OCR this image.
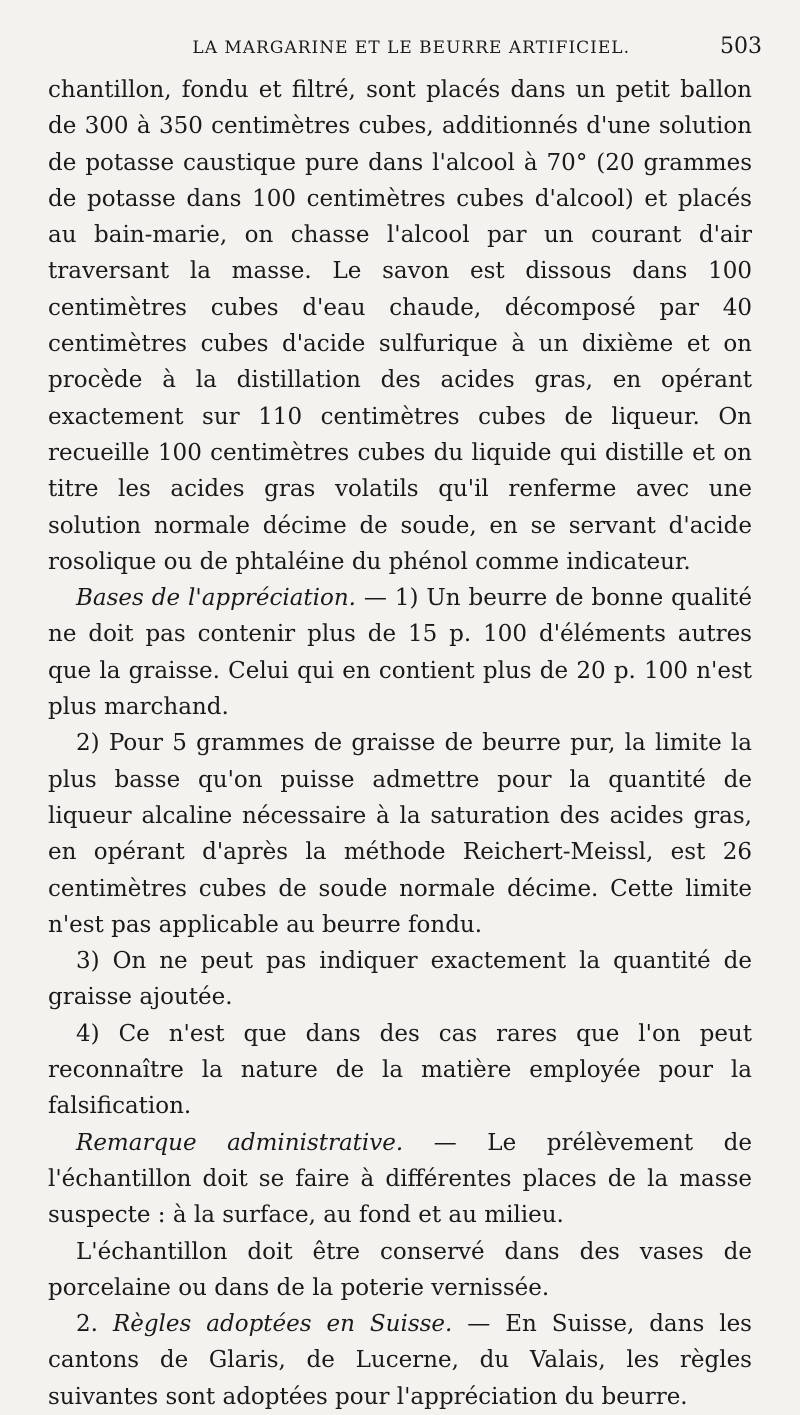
LA MARGARINE ET LE BEURRE ARTIFICIEL.	503

chantillon, fondu et filtré, sont placés dans un petit ballon de 300 à 350 centimètres cubes, additionnés d'une solution de potasse caustique pure dans l'alcool à 70° (20 grammes de potasse dans 100 centimètres cubes d'alcool) et placés au bain-marie, on chasse l'alcool par un courant d'air traversant la masse. Le savon est dissous dans 100 centimètres cubes d'eau chaude, décomposé par 40 centimètres cubes d'acide sulfurique à un dixième et on procède à la distillation des acides gras, en opérant exactement sur 110 centimètres cubes de liqueur. On recueille 100 centimètres cubes du liquide qui distille et on titre les acides gras volatils qu'il renferme avec une solution normale décime de soude, en se servant d'acide rosolique ou de phtaléine du phénol comme indicateur.

Bases de l'appréciation. — 1) Un beurre de bonne qualité ne doit pas contenir plus de 15 p. 100 d'éléments autres que la graisse. Celui qui en contient plus de 20 p. 100 n'est plus marchand.

2) Pour 5 grammes de graisse de beurre pur, la limite la plus basse qu'on puisse admettre pour la quantité de liqueur alcaline nécessaire à la saturation des acides gras, en opérant d'après la méthode Reichert-Meissl, est 26 centimètres cubes de soude normale décime. Cette limite n'est pas applicable au beurre fondu.

3) On ne peut pas indiquer exactement la quantité de graisse ajoutée.

4) Ce n'est que dans des cas rares que l'on peut reconnaître la nature de la matière employée pour la falsification.

Remarque administrative. — Le prélèvement de l'échantillon doit se faire à différentes places de la masse suspecte : à la surface, au fond et au milieu.

L'échantillon doit être conservé dans des vases de porcelaine ou dans de la poterie vernissée.

2. Règles adoptées en Suisse. — En Suisse, dans les cantons de Glaris, de Lucerne, du Valais, les règles suivantes sont adoptées pour l'appréciation du beurre.
